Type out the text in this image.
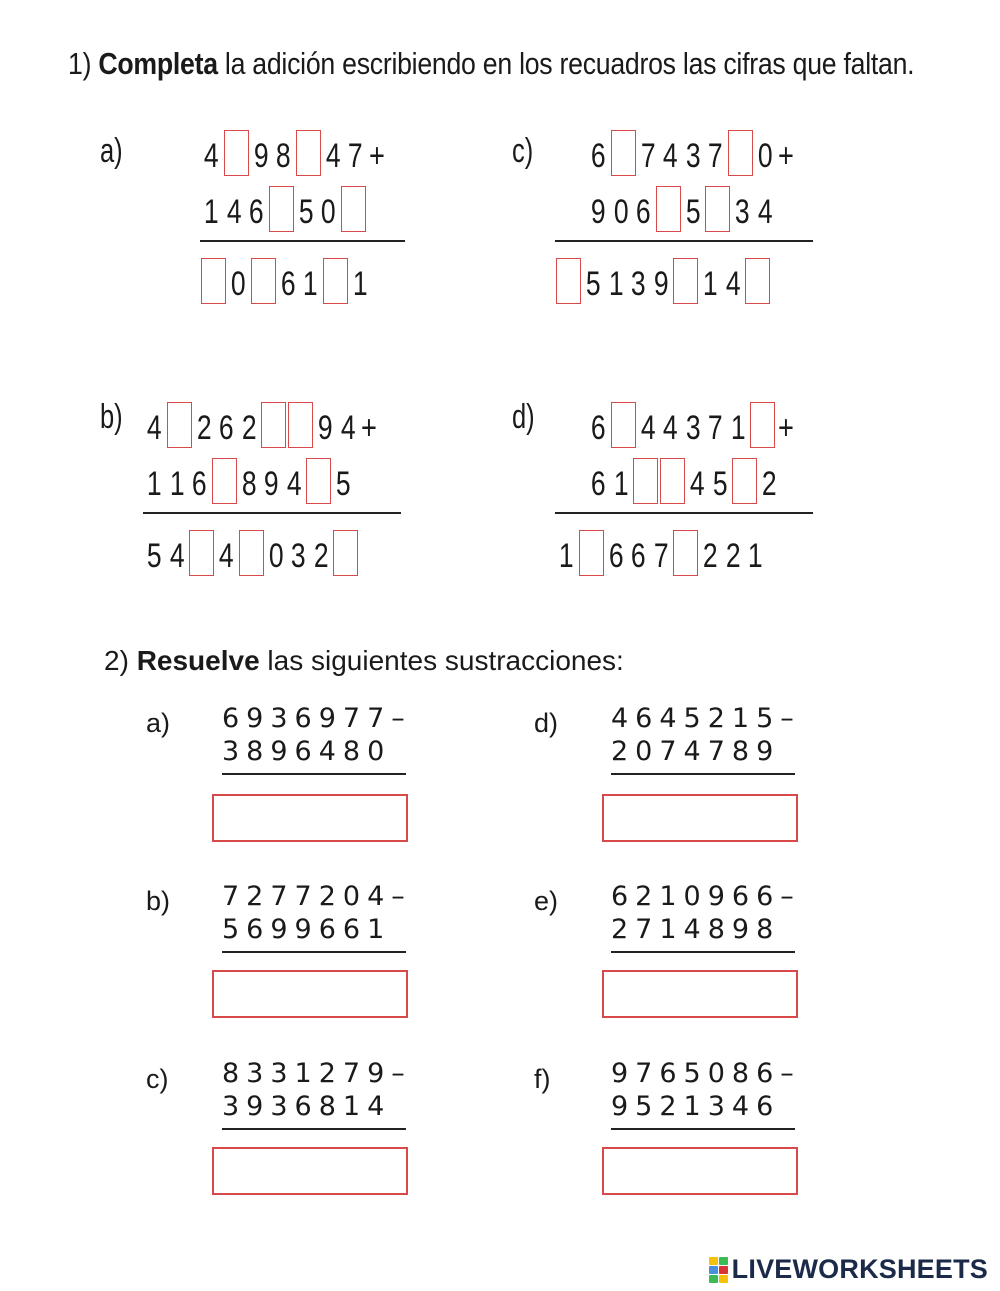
1) Completa la adición escribiendo en los recuadros las cifras que faltan.
a) 4 9 8 4 7 +
1 4 6 5 0
0 6 1 1
c) 6 7 4 3 7 0 +
9 0 6 5 3 4
5 1 3 9 1 4
b) 4 2 6 2 9 4 +
1 1 6 8 9 4 5
5 4 4 0 3 2
d) 6 4 4 3 7 1 +
6 1 4 5 2
1 6 6 7 2 2 1
2) Resuelve las siguientes sustracciones:
a) 6936977–
3896480
b) 7277204–
5699661
c) 8331279–
3936814
d) 4645215–
2074789
e) 6210966–
2714898
f) 9765086–
9521346
LIVEWORKSHEETS
